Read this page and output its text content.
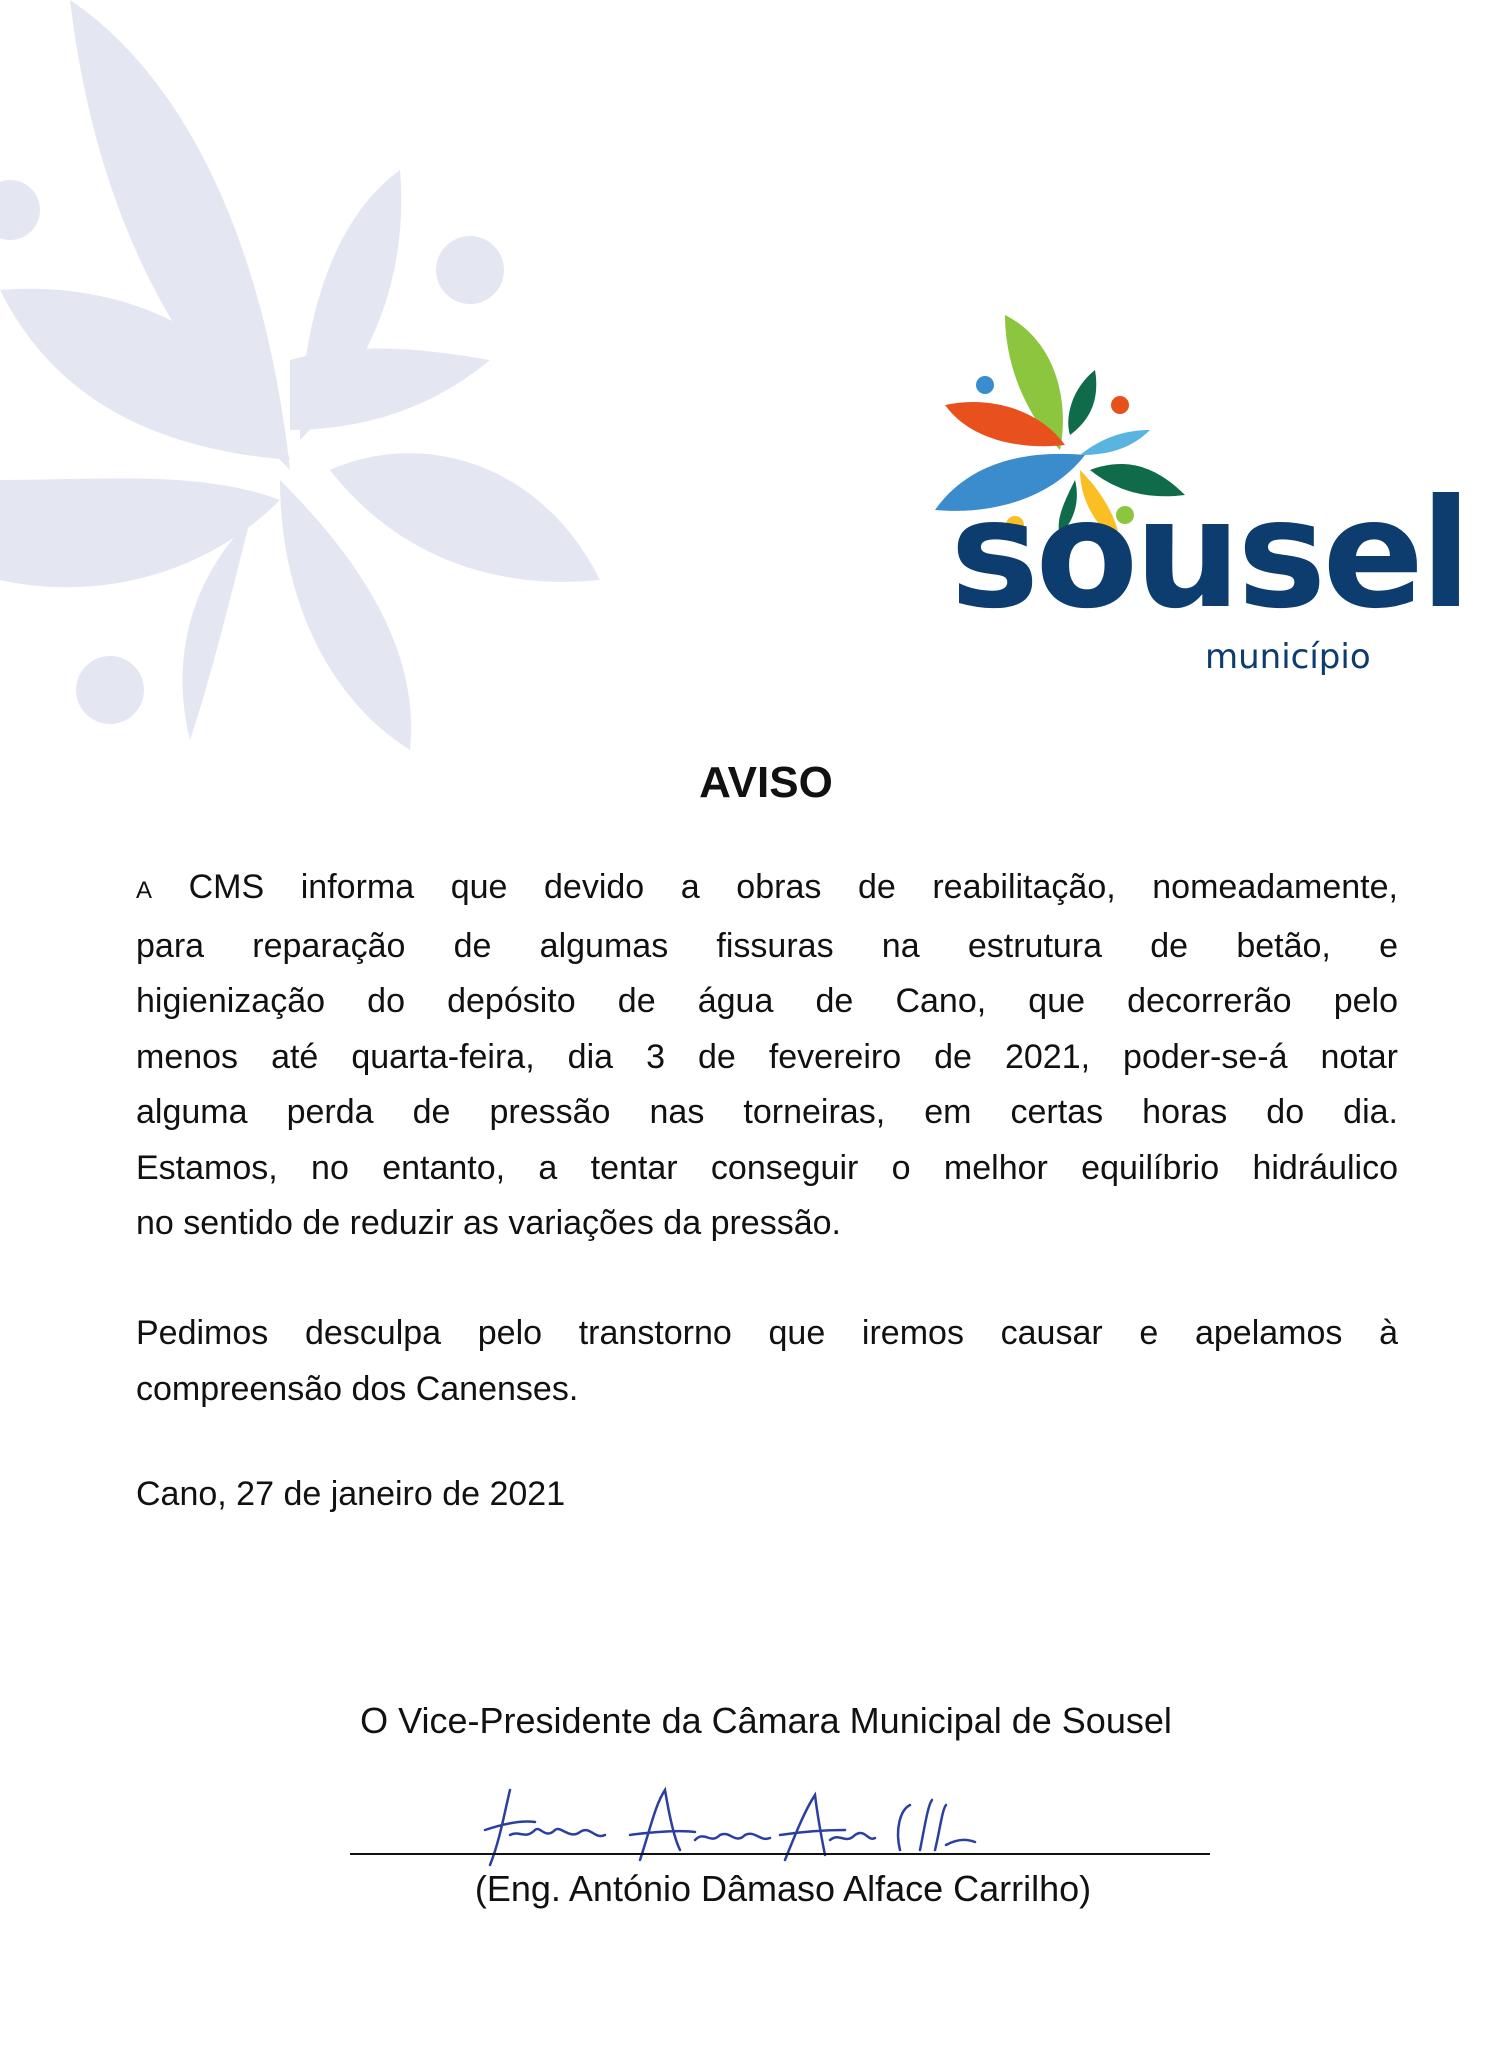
sousel
município
AVISO
A CMS informa que devido a obras de reabilitação, nomeadamente,
para reparação de algumas fissuras na estrutura de betão, e
higienização do depósito de água de Cano, que decorrerão pelo
menos até quarta-feira, dia 3 de fevereiro de 2021, poder-se-á notar
alguma perda de pressão nas torneiras, em certas horas do dia.
Estamos, no entanto, a tentar conseguir o melhor equilíbrio hidráulico
no sentido de reduzir as variações da pressão.
Pedimos desculpa pelo transtorno que iremos causar e apelamos à
compreensão dos Canenses.
Cano, 27 de janeiro de 2021
O Vice-Presidente da Câmara Municipal de Sousel
(Eng. António Dâmaso Alface Carrilho)
